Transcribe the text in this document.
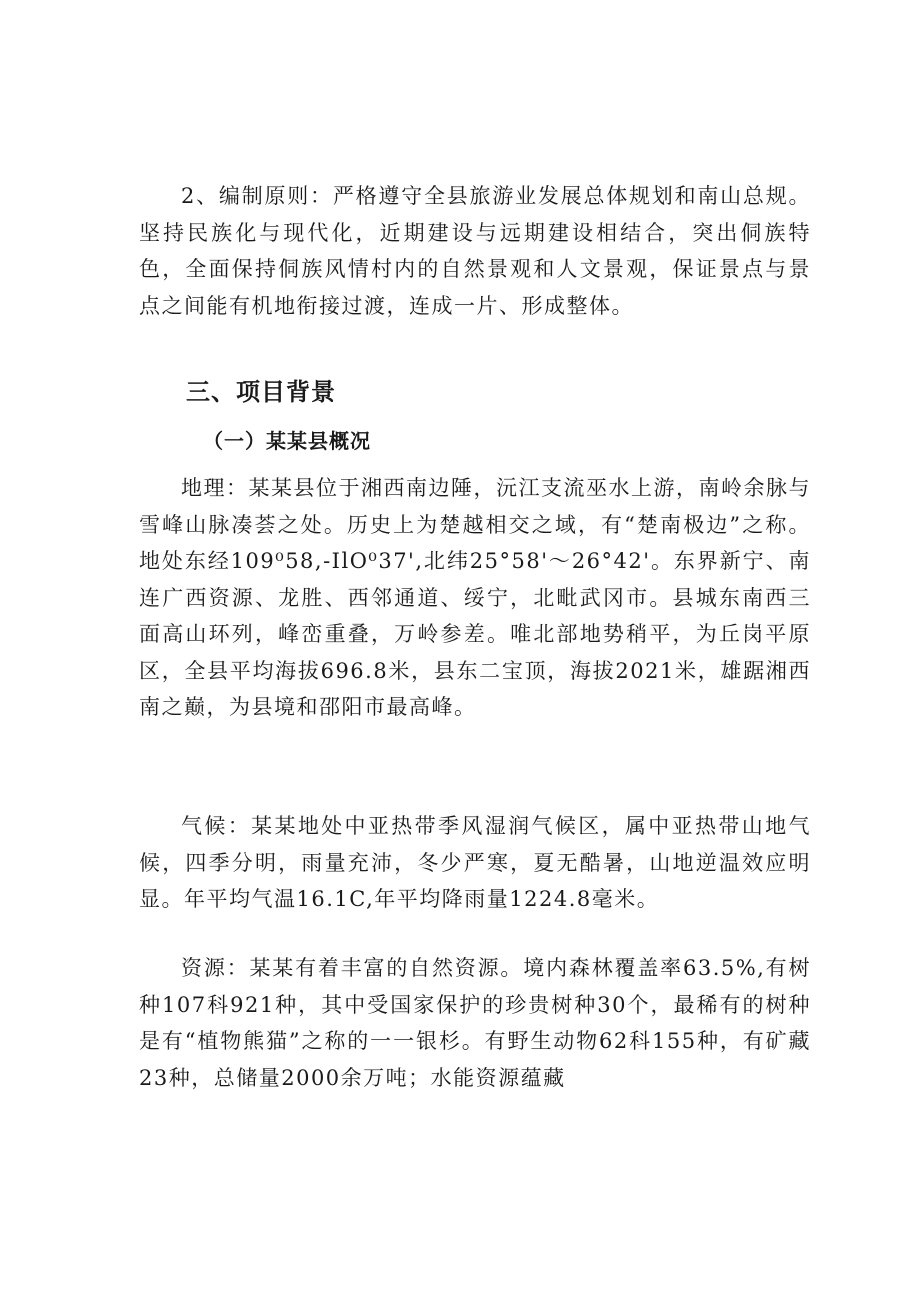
2、编制原则：严格遵守全县旅游业发展总体规划和南山总规。坚持民族化与现代化，近期建设与远期建设相结合，突出侗族特色，全面保持侗族风情村内的自然景观和人文景观，保证景点与景点之间能有机地衔接过渡，连成一片、形成整体。

三、项目背景
（一）某某县概况

地理：某某县位于湘西南边陲，沅江支流巫水上游，南岭余脉与雪峰山脉凑荟之处。历史上为楚越相交之域，有“楚南极边”之称。地处东经109⁰58,-IlO⁰37',北纬25°58'～26°42'。东界新宁、南连广西资源、龙胜、西邻通道、绥宁，北毗武冈市。县城东南西三面高山环列，峰峦重叠，万岭参差。唯北部地势稍平，为丘岗平原区，全县平均海拔696.8米，县东二宝顶，海拔2021米，雄踞湘西南之巅，为县境和邵阳市最高峰。

气候：某某地处中亚热带季风湿润气候区，属中亚热带山地气候，四季分明，雨量充沛，冬少严寒，夏无酷暑，山地逆温效应明显。年平均气温16.1C,年平均降雨量1224.8毫米。

资源：某某有着丰富的自然资源。境内森林覆盖率63.5%,有树种107科921种，其中受国家保护的珍贵树种30个，最稀有的树种是有“植物熊猫”之称的一一银杉。有野生动物62科155种，有矿藏23种，总储量2000余万吨；水能资源蕴藏
